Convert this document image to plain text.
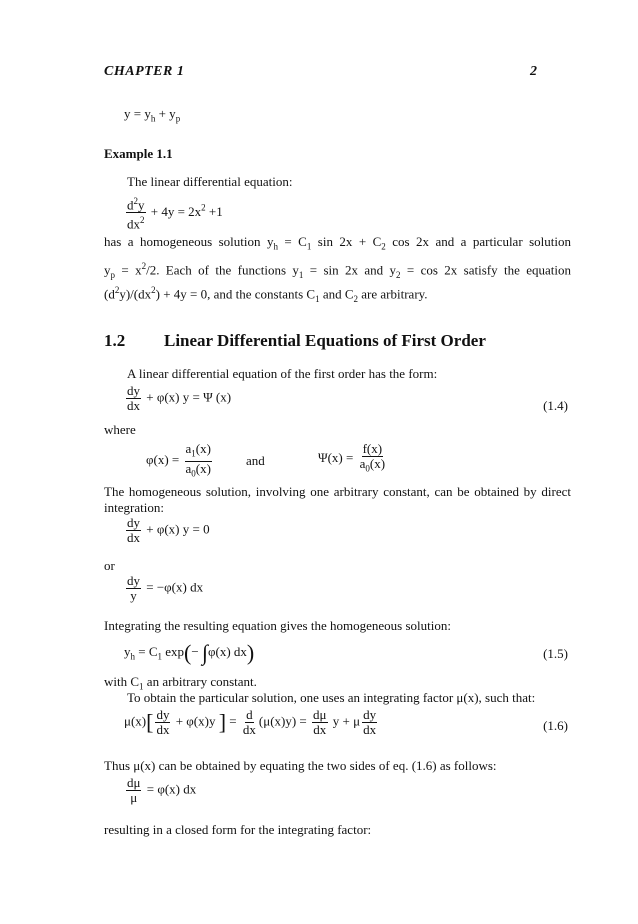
CHAPTER 1	2
$y = y_h + y_p$
Example 1.1
The linear differential equation:
$\frac{d^2y}{dx^2} + 4y = 2x^2 +1$
has a homogeneous solution $y_h = C_1$ $\sin 2x + C_2$ cos 2x and a particular solution
$y_p = x^2/2$. Each of the functions $y_1 = \sin 2x$ and $y_2 = \cos 2x$ satisfy the equation
$(d^2y)/(dx^2) + 4y = 0$, and the constants $C_1$ and $C_2$ are arbitrary.
1.2 Linear Differential Equations of First Order
A linear differential equation of the first order has the form:
$\frac{dy}{dx} + \varphi(x) y = \Psi$ (x)
(1.4)
where
$\varphi(x) = \frac{a_1(x)}{a_0(x)}$	and	$\Psi(x) = \frac{f(x)}{a_0(x)}$
The homogeneous solution, involving one arbitrary constant, can be obtained by direct
integration:
$\frac{dy}{dx} + \varphi(x) y = 0$
or
$\frac{dy}{y} = -\varphi(x)$ dx
Integrating the resulting equation gives the homogeneous solution:
$y_h = C_1$ exp(− ∫φ(x) dx)	(1.5)
with $C_1$ an arbitrary constant.
To obtain the particular solution, one uses an integrating factor μ(x), such that:
$\mu(x)[ \frac{dy}{dx} + \varphi(x)y$ ] = $\frac{d}{dx} (\mu(x)y) = \frac{d\mu}{dx}$ y + μ $\frac{dy}{dx}$	(1.6)
Thus μ(x) can be obtained by equating the two sides of eq. (1.6) as follows:
$\frac{d\mu}{\mu} = \varphi(x)$ dx
resulting in a closed form for the integrating factor:
